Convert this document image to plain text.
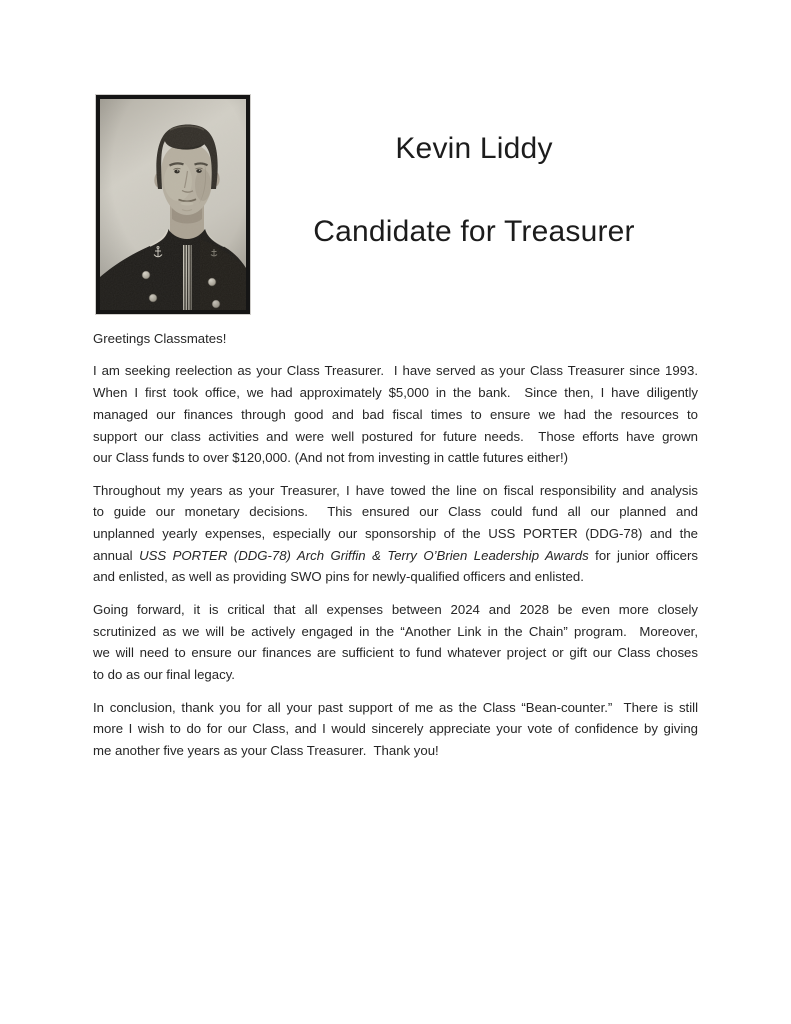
Kevin Liddy
Candidate for Treasurer
Greetings Classmates!
I am seeking reelection as your Class Treasurer.  I have served as your Class Treasurer since 1993.
When I first took office, we had approximately $5,000 in the bank.  Since then, I have diligently
managed our finances through good and bad fiscal times to ensure we had the resources to
support our class activities and were well postured for future needs.  Those efforts have grown
our Class funds to over $120,000. (And not from investing in cattle futures either!)
Throughout my years as your Treasurer, I have towed the line on fiscal responsibility and analysis
to guide our monetary decisions.  This ensured our Class could fund all our planned and
unplanned yearly expenses, especially our sponsorship of the USS PORTER (DDG-78) and the
annual USS PORTER (DDG-78) Arch Griffin & Terry O’Brien Leadership Awards for junior officers
and enlisted, as well as providing SWO pins for newly-qualified officers and enlisted.
Going forward, it is critical that all expenses between 2024 and 2028 be even more closely
scrutinized as we will be actively engaged in the “Another Link in the Chain” program.  Moreover,
we will need to ensure our finances are sufficient to fund whatever project or gift our Class choses
to do as our final legacy.
In conclusion, thank you for all your past support of me as the Class “Bean-counter.”  There is still
more I wish to do for our Class, and I would sincerely appreciate your vote of confidence by giving
me another five years as your Class Treasurer.  Thank you!
